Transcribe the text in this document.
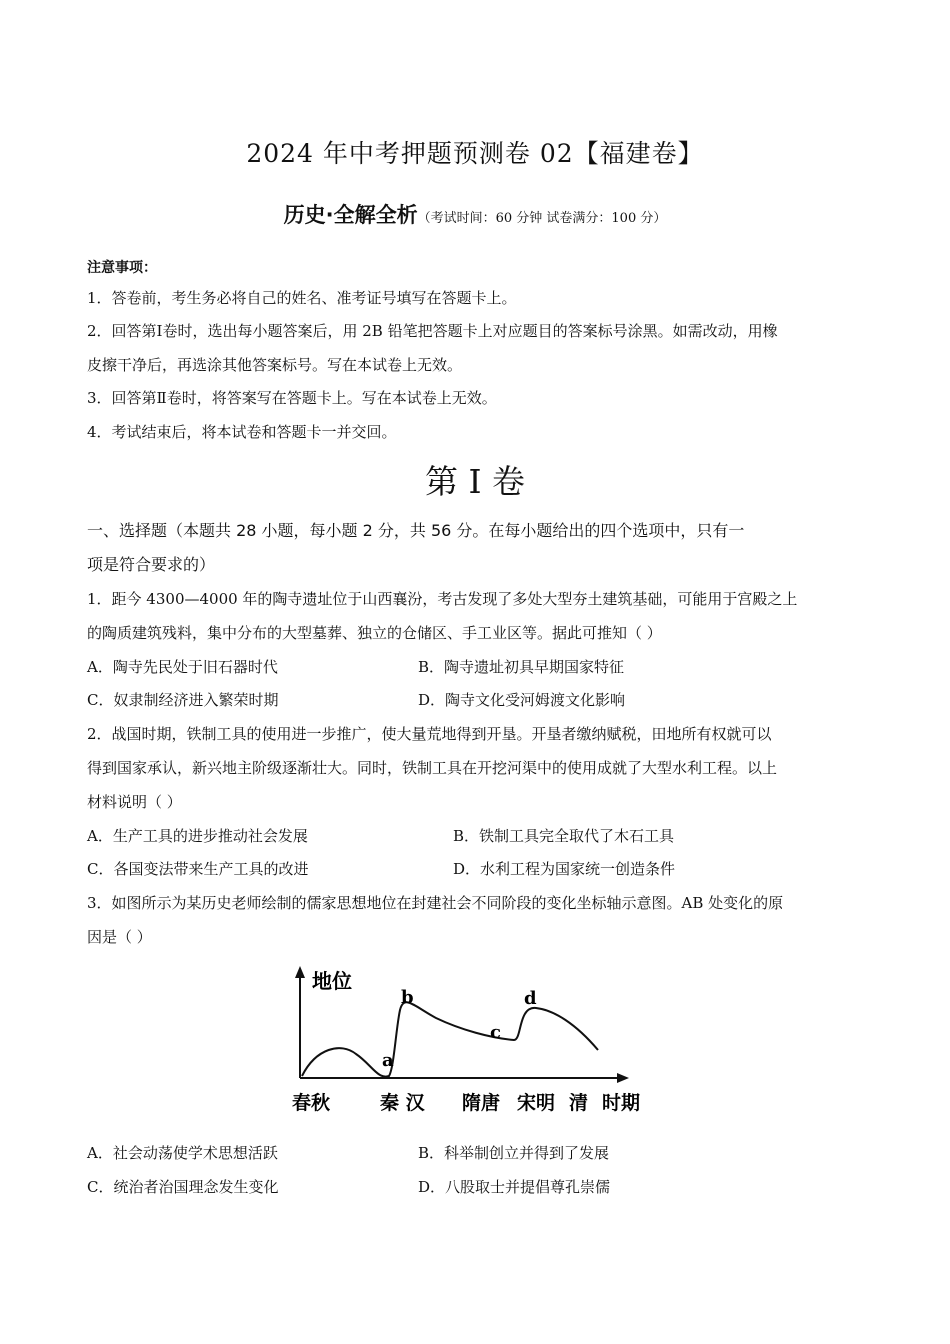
2024 年中考押题预测卷 02【福建卷】
历史·全解全析（考试时间：60 分钟 试卷满分：100 分）
注意事项：
1．答卷前，考生务必将自己的姓名、准考证号填写在答题卡上。
2．回答第Ⅰ卷时，选出每小题答案后，用 2B 铅笔把答题卡上对应题目的答案标号涂黑。如需改动，用橡
皮擦干净后，再选涂其他答案标号。写在本试卷上无效。
3．回答第Ⅱ卷时，将答案写在答题卡上。写在本试卷上无效。
4．考试结束后，将本试卷和答题卡一并交回。
第 I 卷
一、选择题（本题共 28 小题，每小题 2 分，共 56 分。在每小题给出的四个选项中，只有一
项是符合要求的）
1．距今 4300—4000 年的陶寺遗址位于山西襄汾，考古发现了多处大型夯土建筑基础，可能用于宫殿之上
的陶质建筑残料，集中分布的大型墓葬、独立的仓储区、手工业区等。据此可推知（ ）
A．陶寺先民处于旧石器时代	B．陶寺遗址初具早期国家特征
C．奴隶制经济进入繁荣时期	D．陶寺文化受河姆渡文化影响
2．战国时期，铁制工具的使用进一步推广，使大量荒地得到开垦。开垦者缴纳赋税，田地所有权就可以
得到国家承认，新兴地主阶级逐渐壮大。同时，铁制工具在开挖河渠中的使用成就了大型水利工程。以上
材料说明（ ）
A．生产工具的进步推动社会发展	B．铁制工具完全取代了木石工具
C．各国变法带来生产工具的改进	D．水利工程为国家统一创造条件
3．如图所示为某历史老师绘制的儒家思想地位在封建社会不同阶段的变化坐标轴示意图。AB 处变化的原
因是（ ）
地位
a
b
c
d
春秋	秦 汉 隋唐 宋明 清 时期
A．社会动荡使学术思想活跃	B．科举制创立并得到了发展
C．统治者治国理念发生变化	D．八股取士并提倡尊孔崇儒
